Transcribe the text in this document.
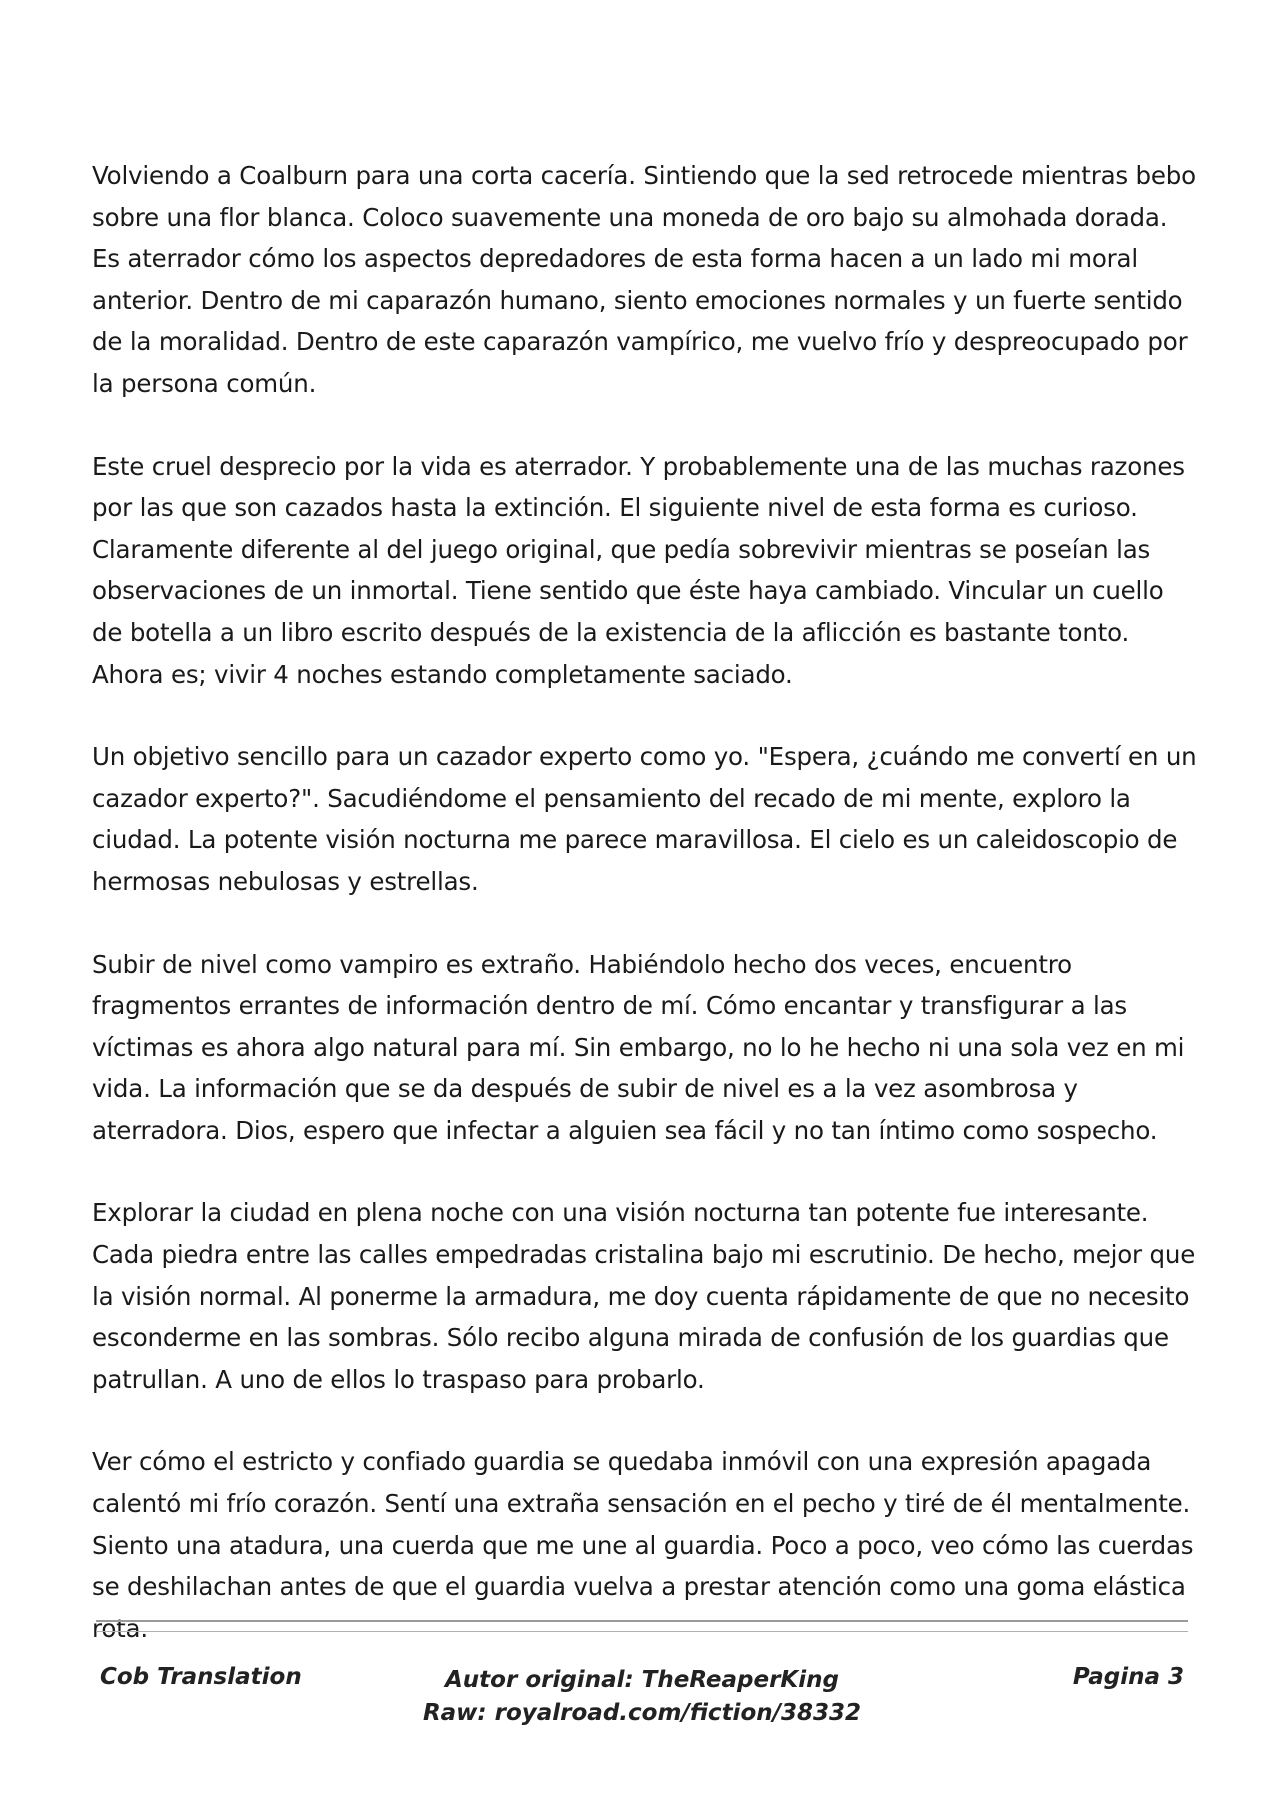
Volviendo a Coalburn para una corta cacería. Sintiendo que la sed retrocede mientras bebo sobre una flor blanca. Coloco suavemente una moneda de oro bajo su almohada dorada. Es aterrador cómo los aspectos depredadores de esta forma hacen a un lado mi moral anterior. Dentro de mi caparazón humano, siento emociones normales y un fuerte sentido de la moralidad. Dentro de este caparazón vampírico, me vuelvo frío y despreocupado por la persona común.

Este cruel desprecio por la vida es aterrador. Y probablemente una de las muchas razones por las que son cazados hasta la extinción. El siguiente nivel de esta forma es curioso. Claramente diferente al del juego original, que pedía sobrevivir mientras se poseían las observaciones de un inmortal. Tiene sentido que éste haya cambiado. Vincular un cuello de botella a un libro escrito después de la existencia de la aflicción es bastante tonto. Ahora es; vivir 4 noches estando completamente saciado.

Un objetivo sencillo para un cazador experto como yo. "Espera, ¿cuándo me convertí en un cazador experto?". Sacudiéndome el pensamiento del recado de mi mente, exploro la ciudad. La potente visión nocturna me parece maravillosa. El cielo es un caleidoscopio de hermosas nebulosas y estrellas.

Subir de nivel como vampiro es extraño. Habiéndolo hecho dos veces, encuentro fragmentos errantes de información dentro de mí. Cómo encantar y transfigurar a las víctimas es ahora algo natural para mí. Sin embargo, no lo he hecho ni una sola vez en mi vida. La información que se da después de subir de nivel es a la vez asombrosa y aterradora. Dios, espero que infectar a alguien sea fácil y no tan íntimo como sospecho.

Explorar la ciudad en plena noche con una visión nocturna tan potente fue interesante. Cada piedra entre las calles empedradas cristalina bajo mi escrutinio. De hecho, mejor que la visión normal. Al ponerme la armadura, me doy cuenta rápidamente de que no necesito esconderme en las sombras. Sólo recibo alguna mirada de confusión de los guardias que patrullan. A uno de ellos lo traspaso para probarlo.

Ver cómo el estricto y confiado guardia se quedaba inmóvil con una expresión apagada calentó mi frío corazón. Sentí una extraña sensación en el pecho y tiré de él mentalmente. Siento una atadura, una cuerda que me une al guardia. Poco a poco, veo cómo las cuerdas se deshilachan antes de que el guardia vuelva a prestar atención como una goma elástica rota.

Cob Translation	Autor original: TheReaperKing
Raw: royalroad.com/fiction/38332
Pagina 3
